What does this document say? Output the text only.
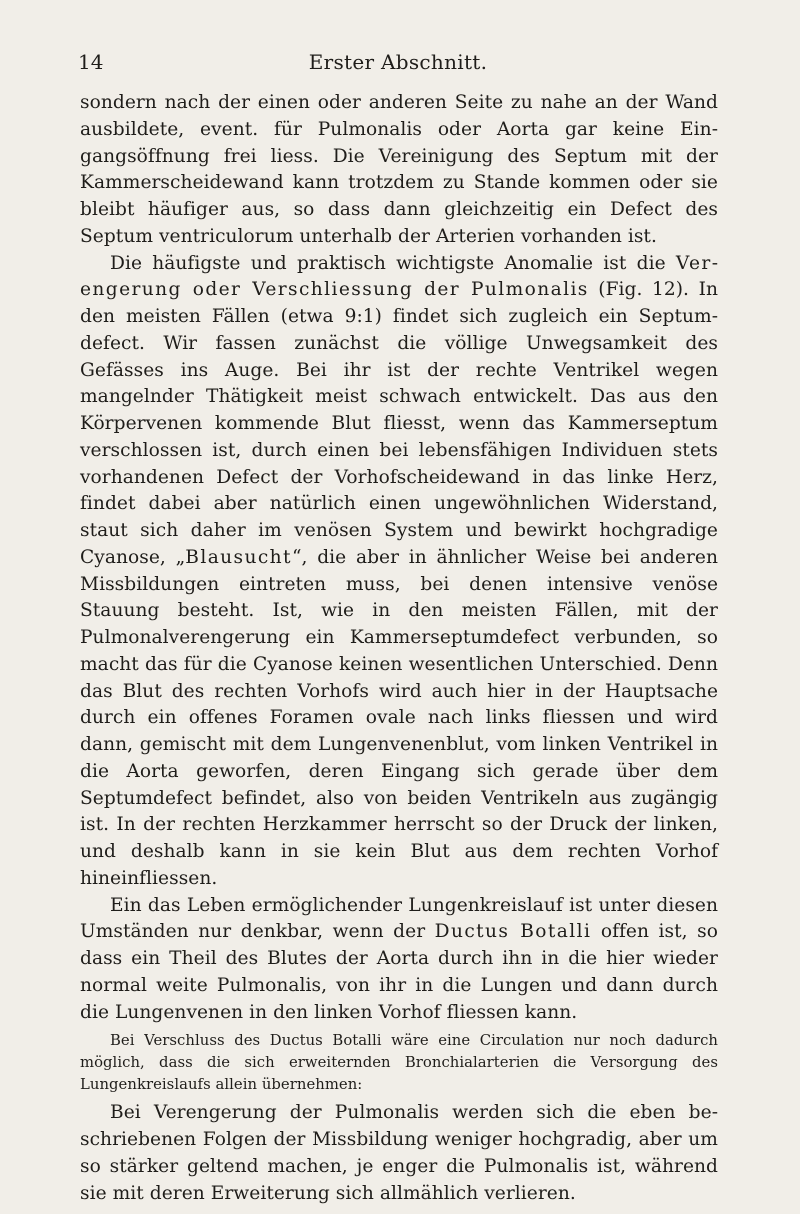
14	Erster Abschnitt.

sondern nach der einen oder anderen Seite zu nahe an der Wand ausbildete, event. für Pulmonalis oder Aorta gar keine Eingangsöffnung frei liess. Die Vereinigung des Septum mit der Kammerscheidewand kann trotzdem zu Stande kommen oder sie bleibt häufiger aus, so dass dann gleichzeitig ein Defect des Septum ventriculorum unterhalb der Arterien vorhanden ist.

Die häufigste und praktisch wichtigste Anomalie ist die Verengerung oder Verschliessung der Pulmonalis (Fig. 12). In den meisten Fällen (etwa 9:1) findet sich zugleich ein Septumdefect. Wir fassen zunächst die völlige Unwegsamkeit des Gefässes ins Auge. Bei ihr ist der rechte Ventrikel wegen mangelnder Thätigkeit meist schwach entwickelt. Das aus den Körpervenen kommende Blut fliesst, wenn das Kammerseptum verschlossen ist, durch einen bei lebensfähigen Individuen stets vorhandenen Defect der Vorhofscheidewand in das linke Herz, findet dabei aber natürlich einen ungewöhnlichen Widerstand, staut sich daher im venösen System und bewirkt hochgradige Cyanose, „Blausucht“, die aber in ähnlicher Weise bei anderen Missbildungen eintreten muss, bei denen intensive venöse Stauung besteht. Ist, wie in den meisten Fällen, mit der Pulmonalverengerung ein Kammerseptumdefect verbunden, so macht das für die Cyanose keinen wesentlichen Unterschied. Denn das Blut des rechten Vorhofs wird auch hier in der Hauptsache durch ein offenes Foramen ovale nach links fliessen und wird dann, gemischt mit dem Lungenvenenblut, vom linken Ventrikel in die Aorta geworfen, deren Eingang sich gerade über dem Septumdefect befindet, also von beiden Ventrikeln aus zugängig ist. In der rechten Herzkammer herrscht so der Druck der linken, und deshalb kann in sie kein Blut aus dem rechten Vorhof hineinfliessen.

Ein das Leben ermöglichender Lungenkreislauf ist unter diesen Umständen nur denkbar, wenn der Ductus Botalli offen ist, so dass ein Theil des Blutes der Aorta durch ihn in die hier wieder normal weite Pulmonalis, von ihr in die Lungen und dann durch die Lungenvenen in den linken Vorhof fliessen kann.

Bei Verschluss des Ductus Botalli wäre eine Circulation nur noch dadurch möglich, dass die sich erweiternden Bronchialarterien die Versorgung des Lungenkreislaufs allein übernehmen:

Bei Verengerung der Pulmonalis werden sich die eben beschriebenen Folgen der Missbildung weniger hochgradig, aber um so stärker geltend machen, je enger die Pulmonalis ist, während sie mit deren Erweiterung sich allmählich verlieren.
